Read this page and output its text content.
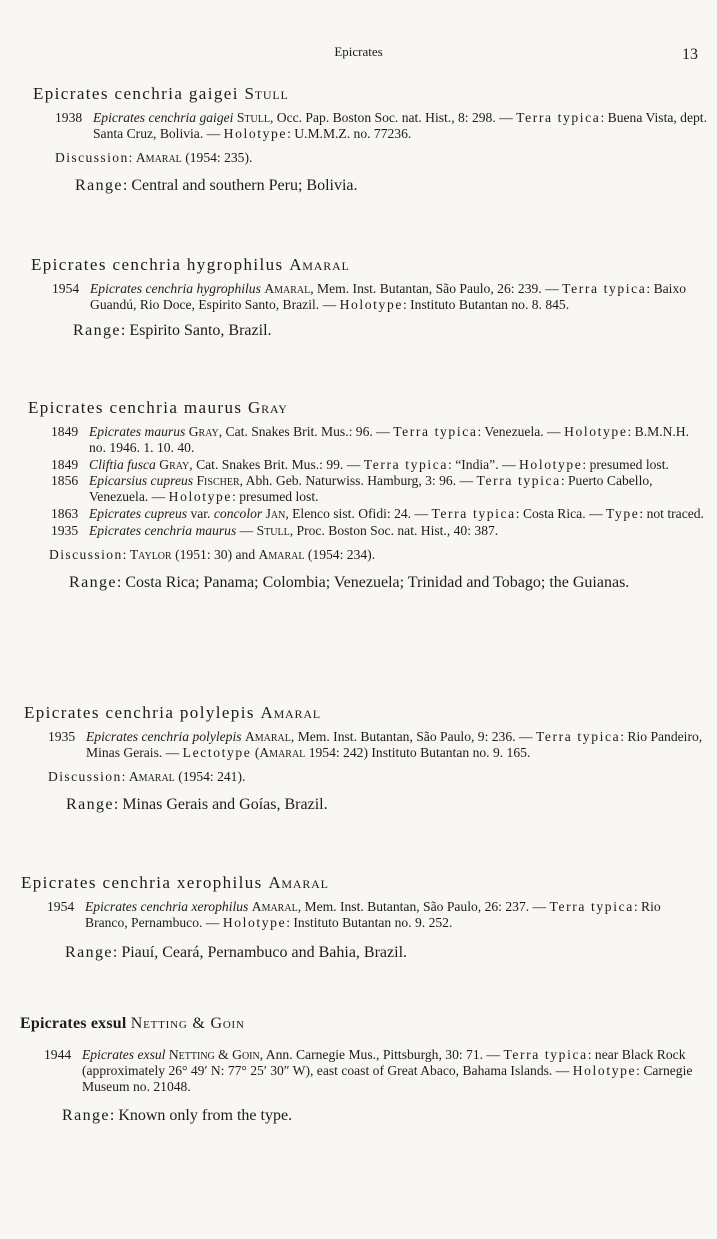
Epicrates	13
Epicrates cenchria gaigei Stull
1938 Epicrates cenchria gaigei Stull, Occ. Pap. Boston Soc. nat. Hist., 8: 298. — Terra typica: Buena Vista, dept. Santa Cruz, Bolivia. — Holotype: U.M.M.Z. no. 77236.
Discussion: Amaral (1954: 235).
Range: Central and southern Peru; Bolivia.
Epicrates cenchria hygrophilus Amaral
1954 Epicrates cenchria hygrophilus Amaral, Mem. Inst. Butantan, São Paulo, 26: 239. — Terra typica: Baixo Guandú, Rio Doce, Espirito Santo, Brazil. — Holotype: Instituto Butantan no. 8. 845.
Range: Espirito Santo, Brazil.
Epicrates cenchria maurus Gray
1849 Epicrates maurus Gray, Cat. Snakes Brit. Mus.: 96. — Terra typica: Venezuela. — Holotype: B.M.N.H. no. 1946. 1. 10. 40.
1849 Cliftia fusca Gray, Cat. Snakes Brit. Mus.: 99. — Terra typica: “India”. — Holotype: presumed lost.
1856 Epicarsius cupreus Fischer, Abh. Geb. Naturwiss. Hamburg, 3: 96. — Terra typica: Puerto Cabello, Venezuela. — Holotype: presumed lost.
1863 Epicrates cupreus var. concolor Jan, Elenco sist. Ofidi: 24. — Terra typica: Costa Rica. — Type: not traced.
1935 Epicrates cenchria maurus — Stull, Proc. Boston Soc. nat. Hist., 40: 387.
Discussion: Taylor (1951: 30) and Amaral (1954: 234).
Range: Costa Rica; Panama; Colombia; Venezuela; Trinidad and Tobago; the Guianas.
Epicrates cenchria polylepis Amaral
1935 Epicrates cenchria polylepis Amaral, Mem. Inst. Butantan, São Paulo, 9: 236. — Terra typica: Rio Pandeiro, Minas Gerais. — Lectotype (Amaral 1954: 242) Instituto Butantan no. 9. 165.
Discussion: Amaral (1954: 241).
Range: Minas Gerais and Goías, Brazil.
Epicrates cenchria xerophilus Amaral
1954 Epicrates cenchria xerophilus Amaral, Mem. Inst. Butantan, São Paulo, 26: 237. — Terra typica: Rio Branco, Pernambuco. — Holotype: Instituto Butantan no. 9. 252.
Range: Piauí, Ceará, Pernambuco and Bahia, Brazil.
Epicrates exsul Netting & Goin
1944 Epicrates exsul Netting & Goin, Ann. Carnegie Mus., Pittsburgh, 30: 71. — Terra typica: near Black Rock (approximately 26° 49′ N: 77° 25′ 30″ W), east coast of Great Abaco, Bahama Islands. — Holotype: Carnegie Museum no. 21048.
Range: Known only from the type.
